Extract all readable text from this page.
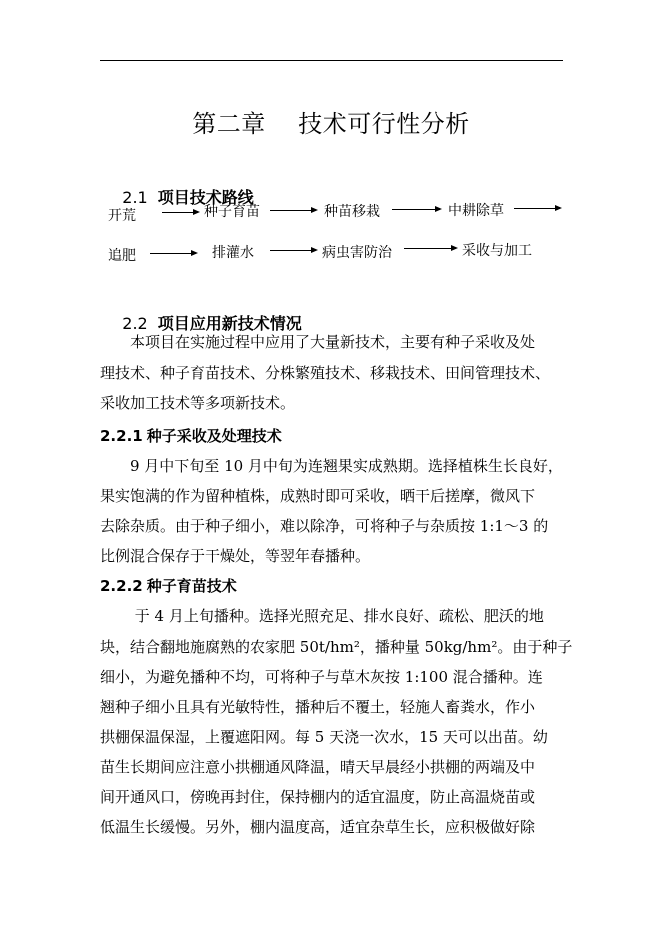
第二章    技术可行性分析

2.1 项目技术路线

开荒	种子育苗	种苗移栽	中耕除草
追肥	排灌水	病虫害防治	采收与加工

2.2 项目应用新技术情况

　　本项目在实施过程中应用了大量新技术，主要有种子采收及处
理技术、种子育苗技术、分株繁殖技术、移栽技术、田间管理技术、
采收加工技术等多项新技术。
2.2.1 种子采收及处理技术
　　9 月中下旬至 10 月中旬为连翘果实成熟期。选择植株生长良好，
果实饱满的作为留种植株，成熟时即可采收，晒干后搓摩，微风下
去除杂质。由于种子细小，难以除净，可将种子与杂质按 1:1～3 的
比例混合保存于干燥处，等翌年春播种。
2.2.2 种子育苗技术
　　 于 4 月上旬播种。选择光照充足、排水良好、疏松、肥沃的地
块，结合翻地施腐熟的农家肥 50t/hm²，播种量 50kg/hm²。由于种子
细小，为避免播种不均，可将种子与草木灰按 1:100 混合播种。连
翘种子细小且具有光敏特性，播种后不覆土，轻施人畜粪水，作小
拱棚保温保湿，上覆遮阳网。每 5 天浇一次水，15 天可以出苗。幼
苗生长期间应注意小拱棚通风降温，晴天早晨经小拱棚的两端及中
间开通风口，傍晚再封住，保持棚内的适宜温度，防止高温烧苗或
低温生长缓慢。另外，棚内温度高，适宜杂草生长，应积极做好除
